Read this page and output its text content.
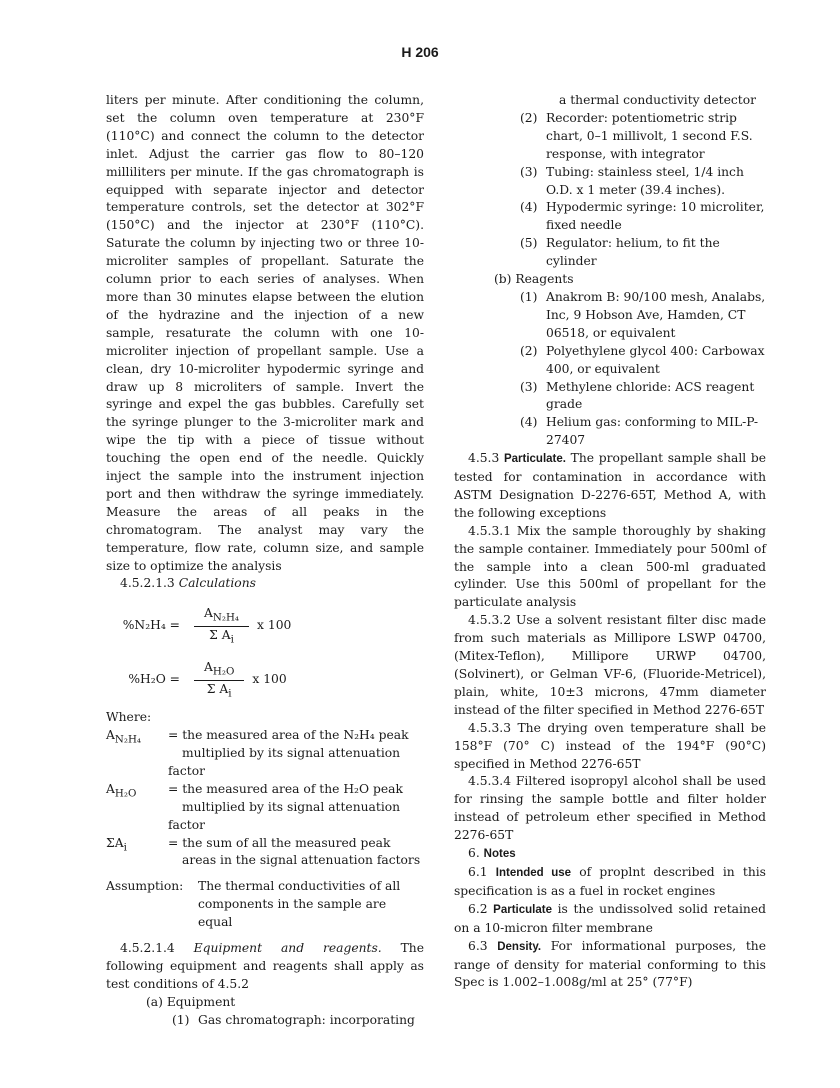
H 206

liters per minute. After conditioning the column, set the column oven temperature at 230°F (110°C) and connect the column to the detector inlet. Adjust the carrier gas flow to 80–120 milliliters per minute. If the gas chromatograph is equipped with separate injector and detector temperature controls, set the detector at 302°F (150°C) and the injector at 230°F (110°C). Saturate the column by injecting two or three 10-microliter samples of propellant. Saturate the column prior to each series of analyses. When more than 30 minutes elapse between the elution of the hydrazine and the injection of a new sample, resaturate the column with one 10-microliter injection of propellant sample. Use a clean, dry 10-microliter hypodermic syringe and draw up 8 microliters of sample. Invert the syringe and expel the gas bubbles. Carefully set the syringe plunger to the 3-microliter mark and wipe the tip with a piece of tissue without touching the open end of the needle. Quickly inject the sample into the instrument injection port and then withdraw the syringe immediately. Measure the areas of all peaks in the chromatogram. The analyst may vary the temperature, flow rate, column size, and sample size to optimize the analysis

4.5.2.1.3 Calculations

%N₂H₄ =	$\frac{A_{N_2H_4}}{\Sigma A_i}$ x 100
%H₂O =	$\frac{A_{H_2O}}{\Sigma A_i}$ x 100

Where:

$A_{N_2H_4}$	= the measured area of the N₂H₄ peak
multiplied by its signal attenuation factor
$A_{H_2O}$	= the measured area of the H₂O peak
multiplied by its signal attenuation factor
$\Sigma A_i$	= the sum of all the measured peak
areas in the signal attenuation factors
Assumption:	The thermal conductivities of all components in the sample are equal

4.5.2.1.4 Equipment and reagents. The following equipment and reagents shall apply as test conditions of 4.5.2

(a) Equipment

(1) Gas chromatograph: incorporating

a thermal conductivity detector

(2) Recorder: potentiometric strip chart, 0–1 millivolt, 1 second F.S. response, with integrator
(3) Tubing: stainless steel, 1/4 inch O.D. x 1 meter (39.4 inches).
(4) Hypodermic syringe: 10 microliter, fixed needle
(5) Regulator: helium, to fit the cylinder

(b) Reagents

(1) Anakrom B: 90/100 mesh, Analabs, Inc, 9 Hobson Ave, Hamden, CT 06518, or equivalent
(2) Polyethylene glycol 400: Carbowax 400, or equivalent
(3) Methylene chloride: ACS reagent grade
(4) Helium gas: conforming to MIL-P-27407

4.5.3 Particulate. The propellant sample shall be tested for contamination in accordance with ASTM Designation D-2276-65T, Method A, with the following exceptions

4.5.3.1 Mix the sample thoroughly by shaking the sample container. Immediately pour 500ml of the sample into a clean 500-ml graduated cylinder. Use this 500ml of propellant for the particulate analysis

4.5.3.2 Use a solvent resistant filter disc made from such materials as Millipore LSWP 04700, (Mitex-Teflon), Millipore URWP 04700, (Solvinert), or Gelman VF-6, (Fluoride-Metricel), plain, white, 10±3 microns, 47mm diameter instead of the filter specified in Method 2276-65T

4.5.3.3 The drying oven temperature shall be 158°F (70° C) instead of the 194°F (90°C) specified in Method 2276-65T

4.5.3.4 Filtered isopropyl alcohol shall be used for rinsing the sample bottle and filter holder instead of petroleum ether specified in Method 2276-65T

6. Notes

6.1 Intended use of proplnt described in this specification is as a fuel in rocket engines

6.2 Particulate is the undissolved solid retained on a 10-micron filter membrane

6.3 Density. For informational purposes, the range of density for material conforming to this Spec is 1.002–1.008g/ml at 25° (77°F)
